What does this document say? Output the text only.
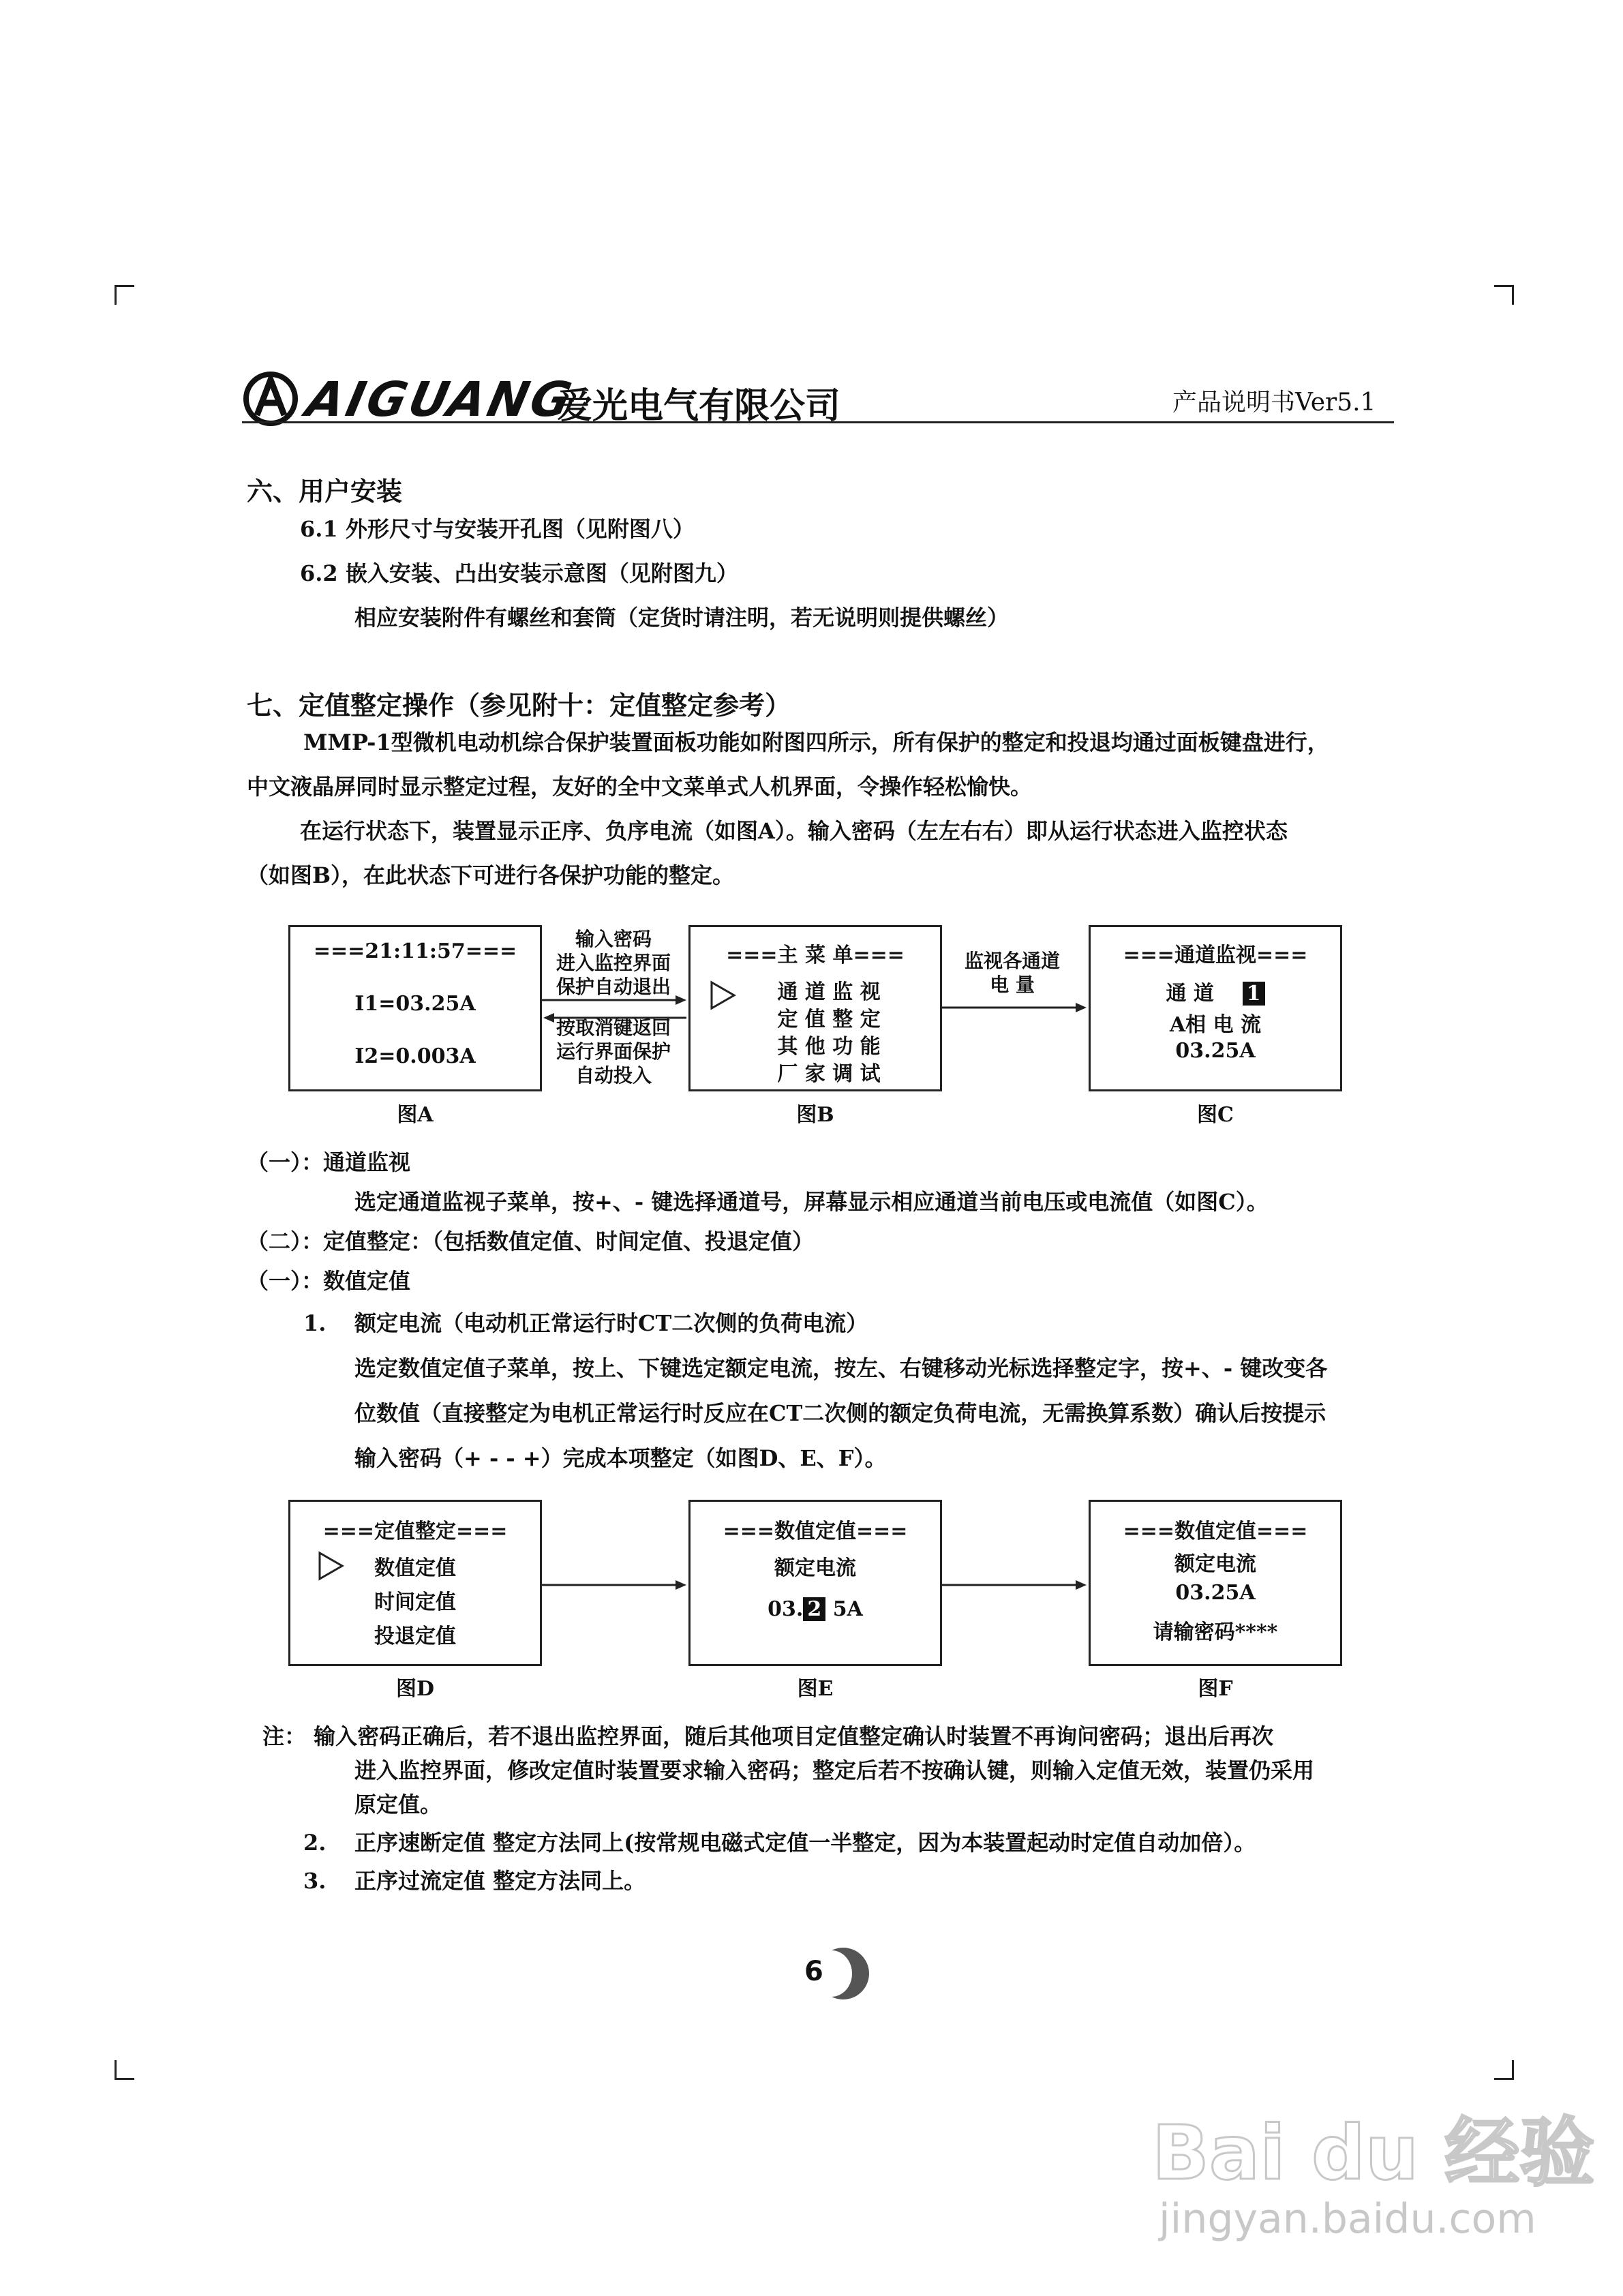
AIGUANG
爱光电气有限公司	产品说明书Ver5.1
六、用户安装
6.1 外形尺寸与安装开孔图（见附图八）
6.2 嵌入安装、凸出安装示意图（见附图九）
相应安装附件有螺丝和套筒（定货时请注明，若无说明则提供螺丝）
七、定值整定操作（参见附十：定值整定参考）
MMP-1型微机电动机综合保护装置面板功能如附图四所示，所有保护的整定和投退均通过面板键盘进行，
中文液晶屏同时显示整定过程，友好的全中文菜单式人机界面，令操作轻松愉快。
在运行状态下，装置显示正序、负序电流（如图A）。输入密码（左左右右）即从运行状态进入监控状态
（如图B），在此状态下可进行各保护功能的整定。
===21:11:57===
I1=03.25A
I2=0.003A
图A
输入密码
进入监控界面
保护自动退出
按取消键返回
运行界面保护
自动投入
===主 菜 单===
通 道 监 视
定 值 整 定
其 他 功 能
厂 家 调 试
图B
监视各通道
电 量
===通道监视===
通 道 1
A相 电 流
03.25A
图C
（一）：通道监视
选定通道监视子菜单，按+、- 键选择通道号，屏幕显示相应通道当前电压或电流值（如图C）。
（二）：定值整定：（包括数值定值、时间定值、投退定值）
（一）：数值定值
1. 额定电流（电动机正常运行时CT二次侧的负荷电流）
选定数值定值子菜单，按上、下键选定额定电流，按左、右键移动光标选择整定字，按+、- 键改变各
位数值（直接整定为电机正常运行时反应在CT二次侧的额定负荷电流，无需换算系数）确认后按提示
输入密码（+ - - +）完成本项整定（如图D、E、F）。
===定值整定===
数值定值
时间定值
投退定值
图D
===数值定值===
额定电流
03. 2 5A
图E
===数值定值===
额定电流
03.25A
请输密码****
图F
注： 输入密码正确后，若不退出监控界面，随后其他项目定值整定确认时装置不再询问密码；退出后再次
进入监控界面，修改定值时装置要求输入密码；整定后若不按确认键，则输入定值无效，装置仍采用
原定值。
2. 正序速断定值 整定方法同上(按常规电磁式定值一半整定，因为本装置起动时定值自动加倍）。
3. 正序过流定值 整定方法同上。
6
Bai du 经验
jingyan.baidu.com
